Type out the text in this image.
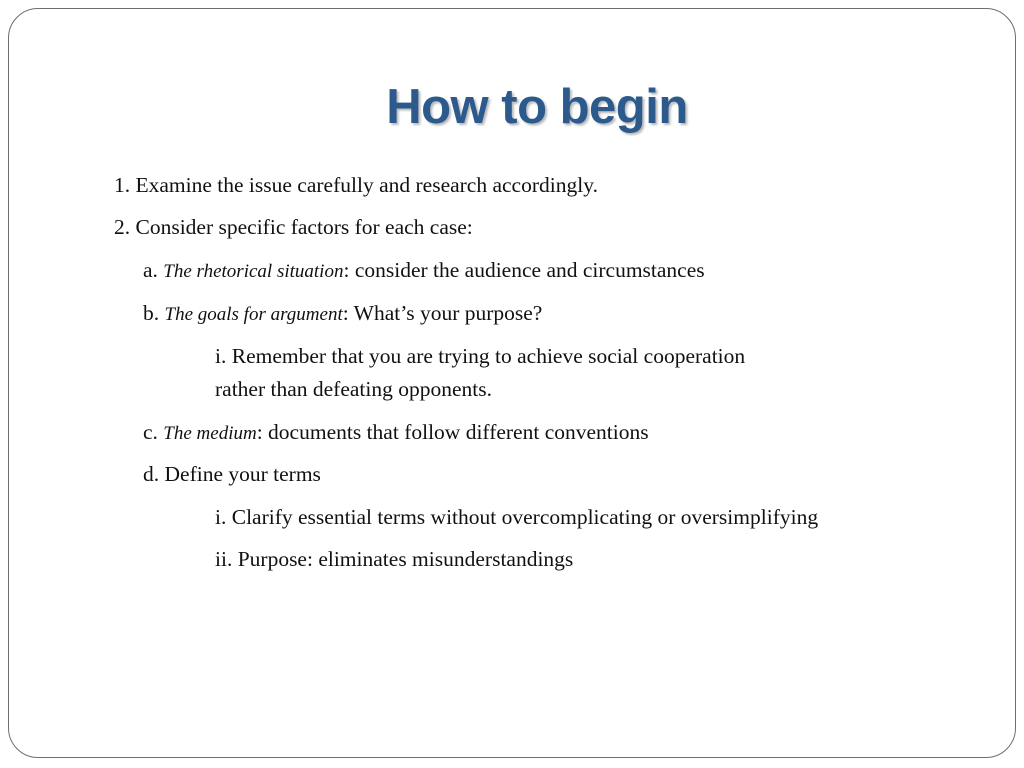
How to begin

1. Examine the issue carefully and research accordingly.

2. Consider specific factors for each case:

a. The rhetorical situation: consider the audience and circumstances

b. The goals for argument: What’s your purpose?

i. Remember that you are trying to achieve social cooperation

rather than defeating opponents.

c. The medium: documents that follow different conventions

d. Define your terms

i. Clarify essential terms without overcomplicating or oversimplifying

ii. Purpose: eliminates misunderstandings
